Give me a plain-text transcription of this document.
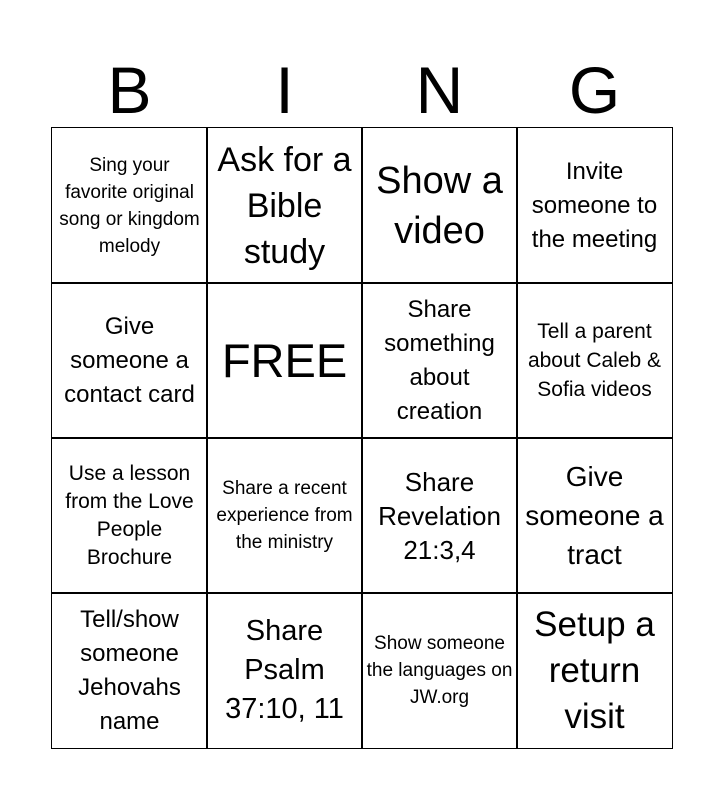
B	I	N	G
Sing your favorite original song or kingdom melody
Ask for a Bible study
Show a video
Invite someone to the meeting
Give someone a contact card
FREE
Share something about creation
Tell a parent about Caleb & Sofia videos
Use a lesson from the Love People Brochure
Share a recent experience from the ministry
Share Revelation 21:3,4
Give someone a tract
Tell/show someone Jehovahs name
Share Psalm 37:10, 11
Show someone the languages on JW.org
Setup a return visit
